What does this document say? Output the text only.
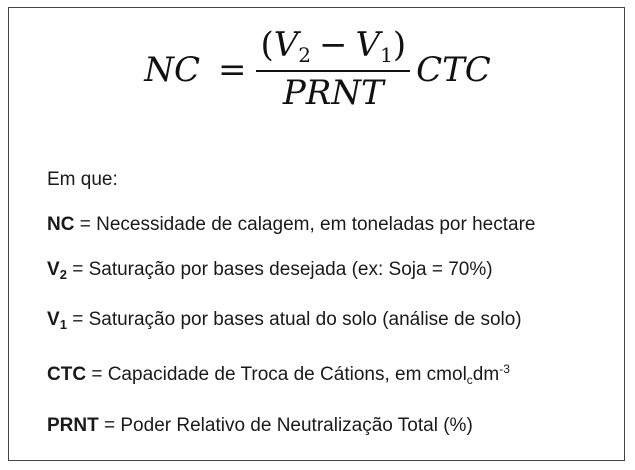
NC = $\frac{(V_2 - V_1)}{\text{PRNT}}$ CTC
Em que:
NC = Necessidade de calagem, em toneladas por hectare
$V_2$ = Saturação por bases desejada (ex: Soja = 70%)
$V_1$ = Saturação por bases atual do solo (análise de solo)
CTC = Capacidade de Troca de Cátions, em $cmol_cdm^{-3}$
PRNT = Poder Relativo de Neutralização Total (%)
